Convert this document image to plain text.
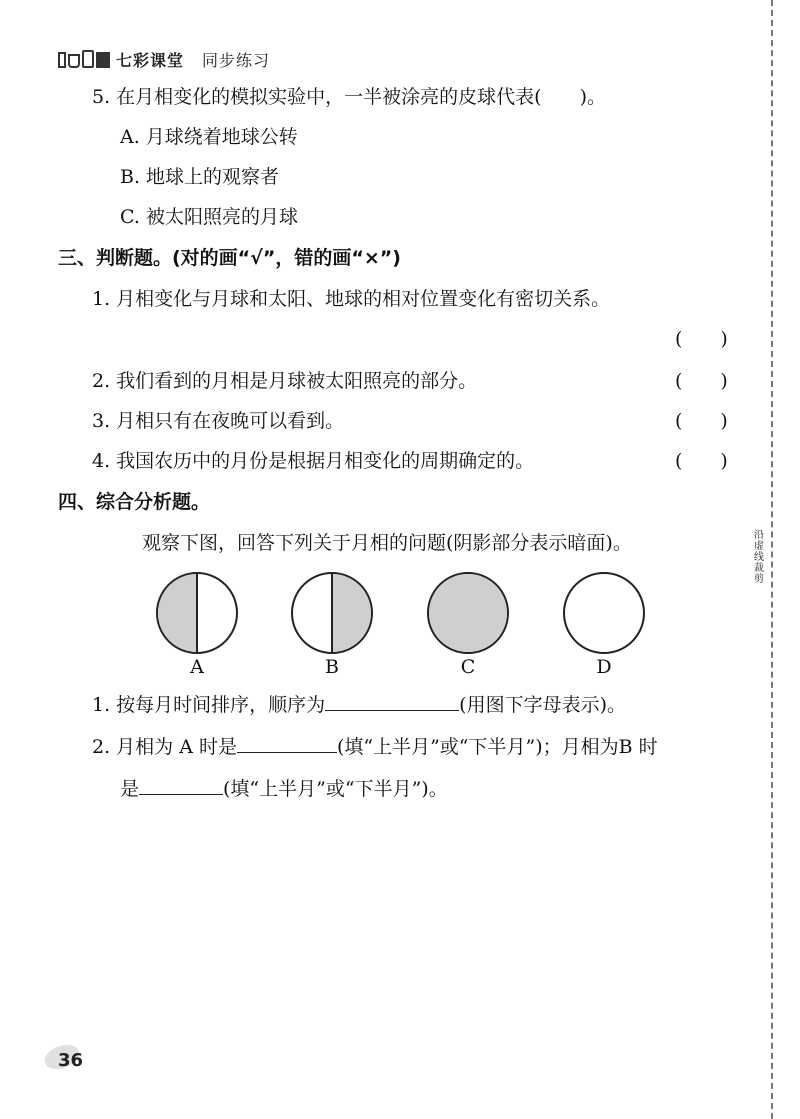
七彩课堂 同步练习
5. 在月相变化的模拟实验中，一半被涂亮的皮球代表(　　)。
A. 月球绕着地球公转
B. 地球上的观察者
C. 被太阳照亮的月球
三、判断题。(对的画“√”，错的画“×”)
1. 月相变化与月球和太阳、地球的相对位置变化有密切关系。
(　　)
2. 我们看到的月相是月球被太阳照亮的部分。	(　　)
3. 月相只有在夜晚可以看到。	(　　)
4. 我国农历中的月份是根据月相变化的周期确定的。	(　　)
四、综合分析题。
观察下图，回答下列关于月相的问题(阴影部分表示暗面)。
A	B	C	D
1. 按每月时间排序，顺序为	(用图下字母表示)。
2. 月相为 A 时是	(填“上半月”或“下半月”)；月相为B 时
是	(填“上半月”或“下半月”)。
沿虚线裁剪
36
